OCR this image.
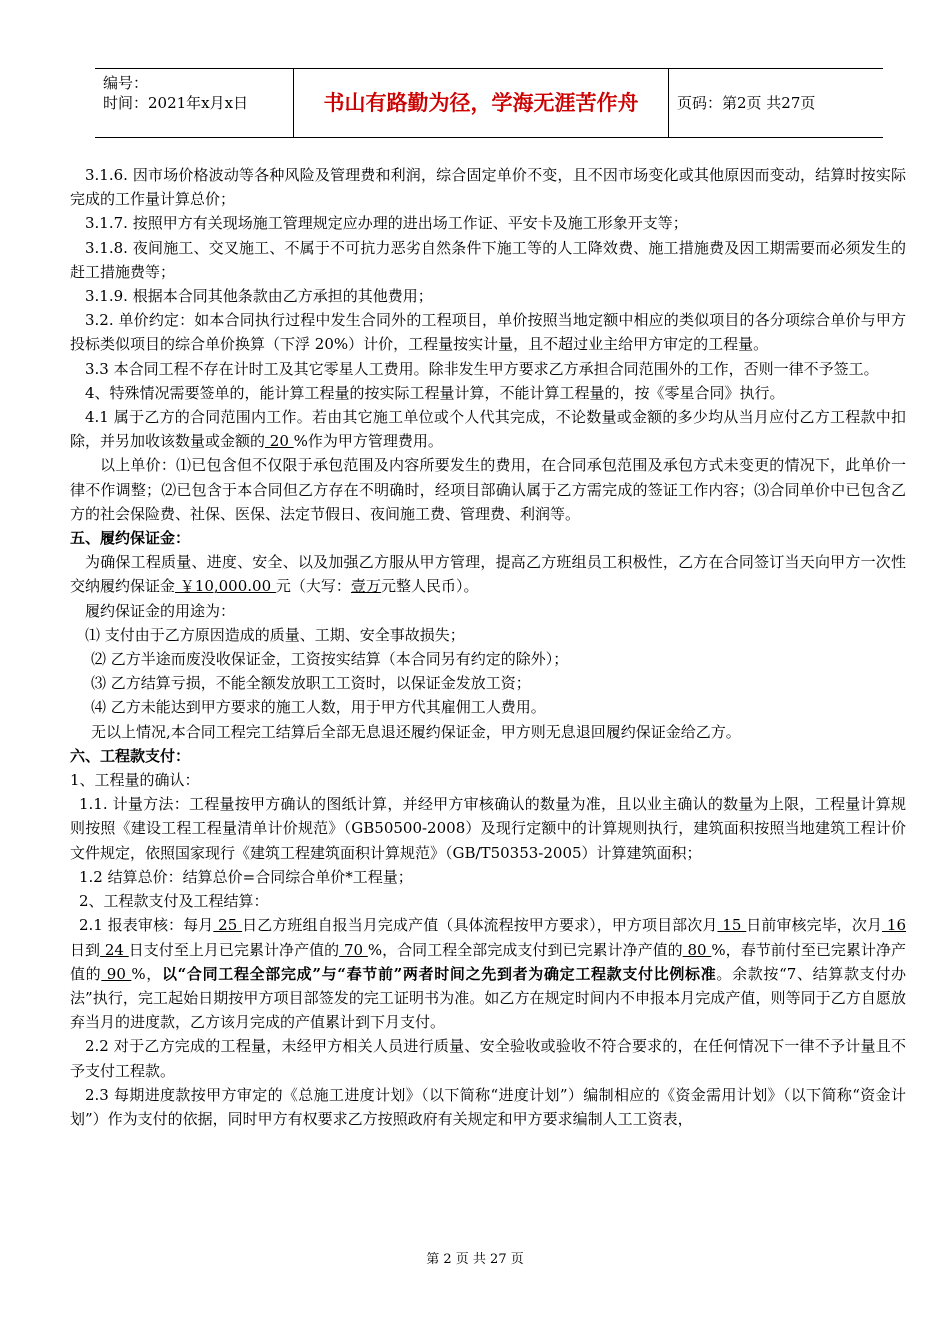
编号：
时间：2021年x月x日	书山有路勤为径，学海无涯苦作舟	页码：第2页 共27页

3.1.6. 因市场价格波动等各种风险及管理费和利润，综合固定单价不变，且不因市场变化或其他原因而变动，结算时按实际完成的工作量计算总价；

3.1.7. 按照甲方有关现场施工管理规定应办理的进出场工作证、平安卡及施工形象开支等；

3.1.8. 夜间施工、交叉施工、不属于不可抗力恶劣自然条件下施工等的人工降效费、施工措施费及因工期需要而必须发生的赶工措施费等；

3.1.9. 根据本合同其他条款由乙方承担的其他费用；

3.2. 单价约定：如本合同执行过程中发生合同外的工程项目，单价按照当地定额中相应的类似项目的各分项综合单价与甲方投标类似项目的综合单价换算（下浮 20%）计价，工程量按实计量，且不超过业主给甲方审定的工程量。

3.3 本合同工程不存在计时工及其它零星人工费用。除非发生甲方要求乙方承担合同范围外的工作，否则一律不予签工。

4、特殊情况需要签单的，能计算工程量的按实际工程量计算，不能计算工程量的，按《零星合同》执行。

4.1 属于乙方的合同范围内工作。若由其它施工单位或个人代其完成，不论数量或金额的多少均从当月应付乙方工程款中扣除，并另加收该数量或金额的 20 %作为甲方管理费用。

以上单价：⑴已包含但不仅限于承包范围及内容所要发生的费用，在合同承包范围及承包方式未变更的情况下，此单价一律不作调整；⑵已包含于本合同但乙方存在不明确时，经项目部确认属于乙方需完成的签证工作内容；⑶合同单价中已包含乙方的社会保险费、社保、医保、法定节假日、夜间施工费、管理费、利润等。

五、履约保证金：

为确保工程质量、进度、安全、以及加强乙方服从甲方管理，提高乙方班组员工积极性，乙方在合同签订当天向甲方一次性交纳履约保证金 ￥10,000.00 元（大写：壹万元整人民币）。

履约保证金的用途为：

⑴ 支付由于乙方原因造成的质量、工期、安全事故损失；

⑵ 乙方半途而废没收保证金，工资按实结算（本合同另有约定的除外）；

⑶ 乙方结算亏损，不能全额发放职工工资时，以保证金发放工资；

⑷ 乙方未能达到甲方要求的施工人数，用于甲方代其雇佣工人费用。

无以上情况,本合同工程完工结算后全部无息退还履约保证金，甲方则无息退回履约保证金给乙方。

六、工程款支付：

1、工程量的确认：

1.1. 计量方法：工程量按甲方确认的图纸计算，并经甲方审核确认的数量为准，且以业主确认的数量为上限，工程量计算规则按照《建设工程工程量清单计价规范》（GB50500-2008）及现行定额中的计算规则执行，建筑面积按照当地建筑工程计价文件规定，依照国家现行《建筑工程建筑面积计算规范》（GB/T50353-2005）计算建筑面积；

1.2 结算总价：结算总价=合同综合单价*工程量；

2、工程款支付及工程结算：

2.1 报表审核：每月 25 日乙方班组自报当月完成产值（具体流程按甲方要求），甲方项目部次月 15 日前审核完毕，次月 16 日到 24 日支付至上月已完累计净产值的 70 %，合同工程全部完成支付到已完累计净产值的 80 %，春节前付至已完累计净产值的 90 %，以“合同工程全部完成”与“春节前”两者时间之先到者为确定工程款支付比例标准。余款按“7、结算款支付办法”执行，完工起始日期按甲方项目部签发的完工证明书为准。如乙方在规定时间内不申报本月完成产值，则等同于乙方自愿放弃当月的进度款，乙方该月完成的产值累计到下月支付。

2.2 对于乙方完成的工程量，未经甲方相关人员进行质量、安全验收或验收不符合要求的，在任何情况下一律不予计量且不予支付工程款。

2.3 每期进度款按甲方审定的《总施工进度计划》（以下简称“进度计划”）编制相应的《资金需用计划》（以下简称“资金计划”）作为支付的依据，同时甲方有权要求乙方按照政府有关规定和甲方要求编制人工工资表，

第 2 页 共 27 页
